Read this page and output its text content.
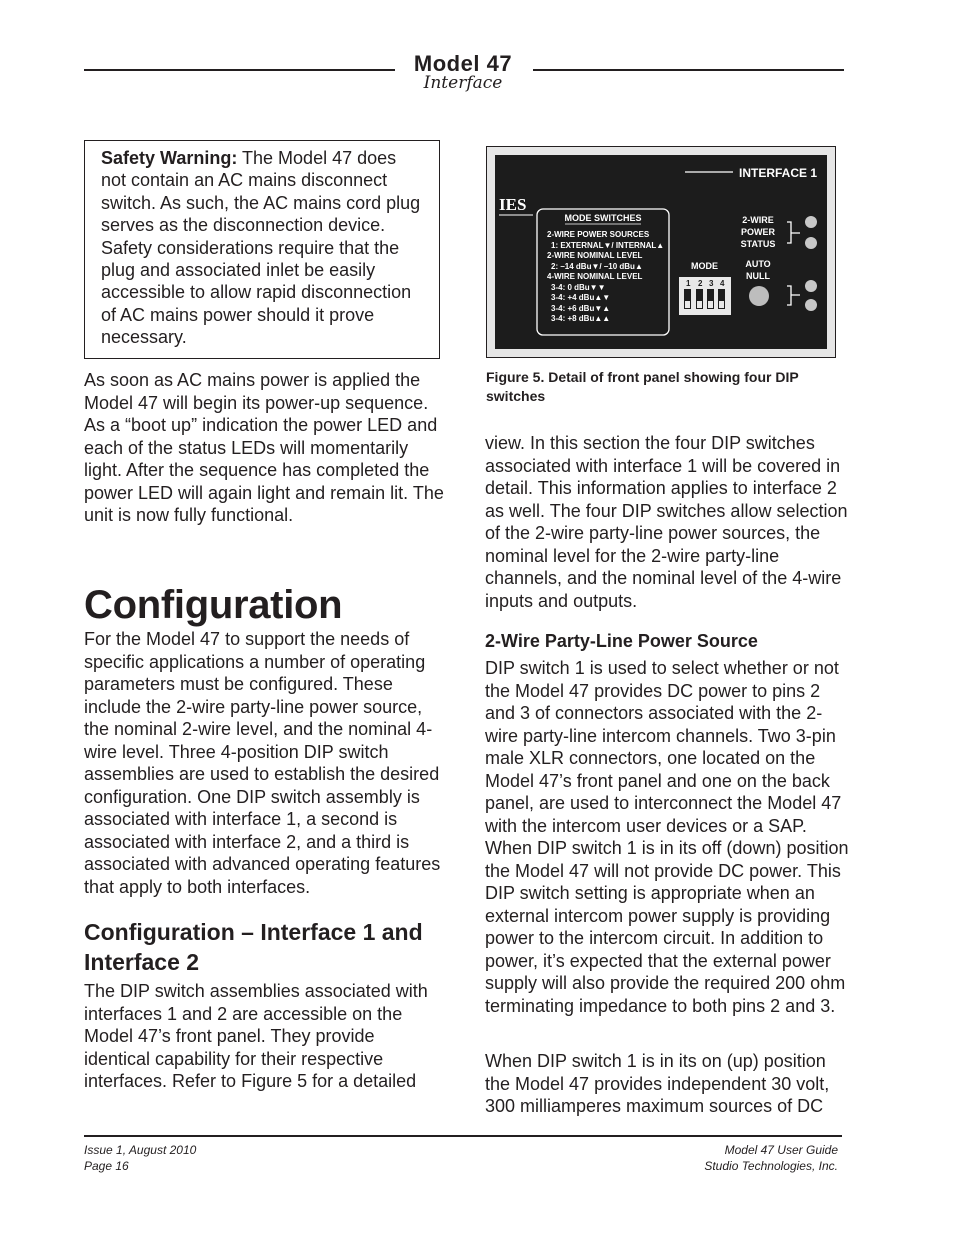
Model 47
Interface

Safety Warning: The Model 47 does not contain an AC mains disconnect switch. As such, the AC mains cord plug serves as the disconnection device. Safety considerations require that the plug and associated inlet be easily accessible to allow rapid disconnection of AC mains power should it prove necessary.

As soon as AC mains power is applied the Model 47 will begin its power-up sequence. As a “boot up” indication the power LED and each of the status LEDs will momentarily light. After the sequence has completed the power LED will again light and remain lit. The unit is now fully functional.

Configuration

For the Model 47 to support the needs of specific applications a number of operating parameters must be configured. These include the 2-wire party-line power source, the nominal 2-wire level, and the nominal 4-wire level. Three 4-position DIP switch assemblies are used to establish the desired configuration. One DIP switch assembly is associated with interface 1, a second is associated with interface 2, and a third is associated with advanced operating features that apply to both interfaces.

Configuration – Interface 1 and Interface 2

The DIP switch assemblies associated with interfaces 1 and 2 are accessible on the Model 47’s front panel. They provide identical capability for their respective interfaces. Refer to Figure 5 for a detailed

INTERFACE 1
IES
MODE SWITCHES
2-WIRE POWER SOURCES
1: EXTERNAL▼/ INTERNAL▲
2-WIRE NOMINAL LEVEL
2: –14 dBu▼/ –10 dBu▲
4-WIRE NOMINAL LEVEL
3-4: 0 dBu▼▼
3-4: +4 dBu▲▼
3-4: +6 dBu▼▲
3-4: +8 dBu▲▲
MODE
1 2 3 4
2-WIRE
POWER
STATUS
AUTO
NULL
Figure 5. Detail of front panel showing four DIP switches

view. In this section the four DIP switches associated with interface 1 will be covered in detail. This information applies to interface 2 as well. The four DIP switches allow selection of the 2-wire party-line power sources, the nominal level for the 2-wire party-line channels, and the nominal level of the 4-wire inputs and outputs.

2-Wire Party-Line Power Source

DIP switch 1 is used to select whether or not the Model 47 provides DC power to pins 2 and 3 of connectors associated with the 2-wire party-line intercom channels. Two 3-pin male XLR connectors, one located on the Model 47’s front panel and one on the back panel, are used to interconnect the Model 47 with the intercom user devices or a SAP. When DIP switch 1 is in its off (down) position the Model 47 will not provide DC power. This DIP switch setting is appropriate when an external intercom power supply is providing power to the intercom circuit. In addition to power, it’s expected that the external power supply will also provide the required 200 ohm terminating impedance to both pins 2 and 3.

When DIP switch 1 is in its on (up) position the Model 47 provides independent 30 volt, 300 milliamperes maximum sources of DC

Issue 1, August 2010
Page 16
Model 47 User Guide
Studio Technologies, Inc.
